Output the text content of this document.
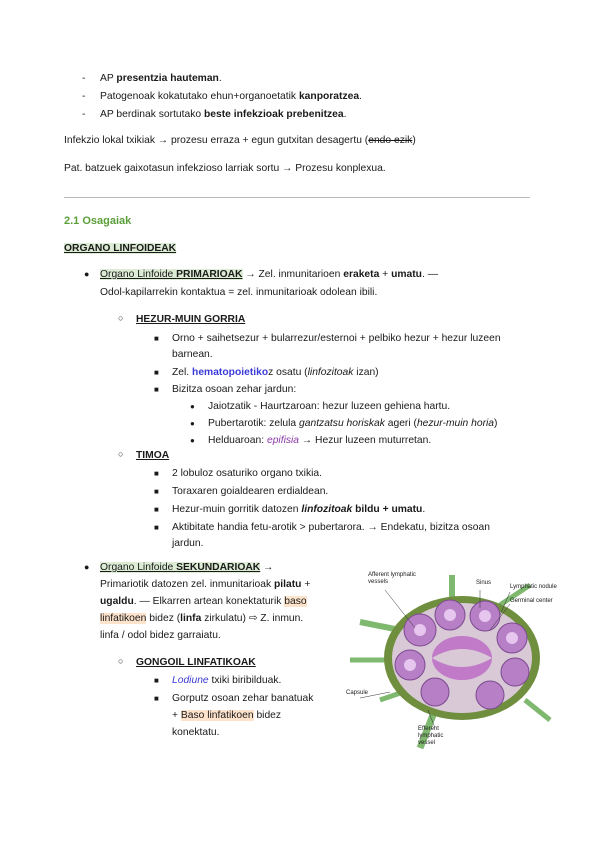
- AP presentzia hauteman.
- Patogenoak kokatutako ehun+organoetatik kanporatzea.
- AP berdinak sortutako beste infekzioak prebenitzea.
Infekzio lokal txikiak → prozesu erraza + egun gutxitan desagertu (endo ezik)
Pat. batzuek gaixotasun infekzioso larriak sortu → Prozesu konplexua.
2.1 Osagaiak
ORGANO LINFOIDEAK
● Organo Linfoide PRIMARIOAK → Zel. inmunitarioen eraketa + umatu. —
Odol-kapilarrekin kontaktua = zel. inmunitarioak odolean ibili.
○ HEZUR-MUIN GORRIA
■ Orno + saihetsezur + bularrezur/esternoi + pelbiko hezur + hezur luzeen
barnean.
■ Zel. hematopoietikoz osatu (linfozitoak izan)
■ Bizitza osoan zehar jardun:
● Jaiotzatik - Haurtzaroan: hezur luzeen gehiena hartu.
● Pubertarotik: zelula gantzatsu horiskak ageri (hezur-muin horia)
● Helduaroan: epifisia → Hezur luzeen muturretan.
○ TIMOA
■ 2 lobuloz osaturiko organo txikia.
■ Toraxaren goialdearen erdialdean.
■ Hezur-muin gorritik datozen linfozitoak bildu + umatu.
■ Aktibitate handia fetu-arotik > pubertarora. → Endekatu, bizitza osoan
jardun.
● Organo Linfoide SEKUNDARIOAK →
Primariotik datozen zel. inmunitarioak pilatu +
ugaldu. — Elkarren artean konektaturik baso
linfatikoen bidez (linfa zirkulatu) ⇨ Z. inmun.
linfa / odol bidez garraiatu.
○ GONGOIL LINFATIKOAK
■ Lodiune txiki biribilduak.
■ Gorputz osoan zehar banatuak
+ Baso linfatikoen bidez
konektatu.
Afferent lymphatic vessels	Sinus
Lymphatic nodule
Germinal center
Capsule
Efferent lymphatic vessel
